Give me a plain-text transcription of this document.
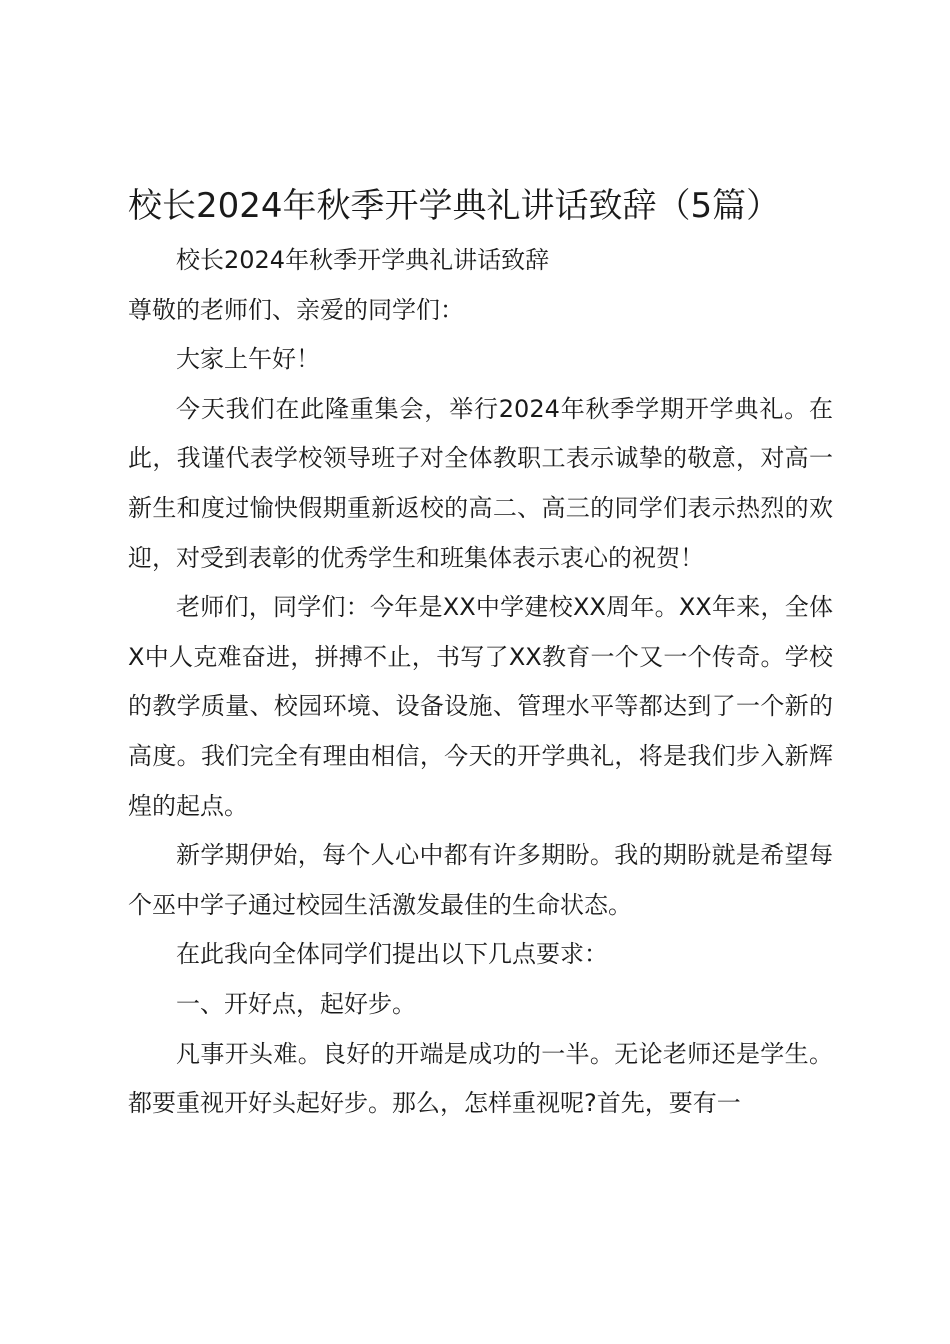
校长2024年秋季开学典礼讲话致辞（5篇）

校长2024年秋季开学典礼讲话致辞

尊敬的老师们、亲爱的同学们：

大家上午好！

今天我们在此隆重集会，举行2024年秋季学期开学典礼。在此，我谨代表学校领导班子对全体教职工表示诚挚的敬意，对高一新生和度过愉快假期重新返校的高二、高三的同学们表示热烈的欢迎，对受到表彰的优秀学生和班集体表示衷心的祝贺！

老师们，同学们：今年是XX中学建校XX周年。XX年来，全体X中人克难奋进，拼搏不止，书写了XX教育一个又一个传奇。学校的教学质量、校园环境、设备设施、管理水平等都达到了一个新的高度。我们完全有理由相信，今天的开学典礼，将是我们步入新辉煌的起点。

新学期伊始，每个人心中都有许多期盼。我的期盼就是希望每个巫中学子通过校园生活激发最佳的生命状态。

在此我向全体同学们提出以下几点要求：

一、开好点，起好步。

凡事开头难。良好的开端是成功的一半。无论老师还是学生。都要重视开好头起好步。那么，怎样重视呢?首先，要有一
